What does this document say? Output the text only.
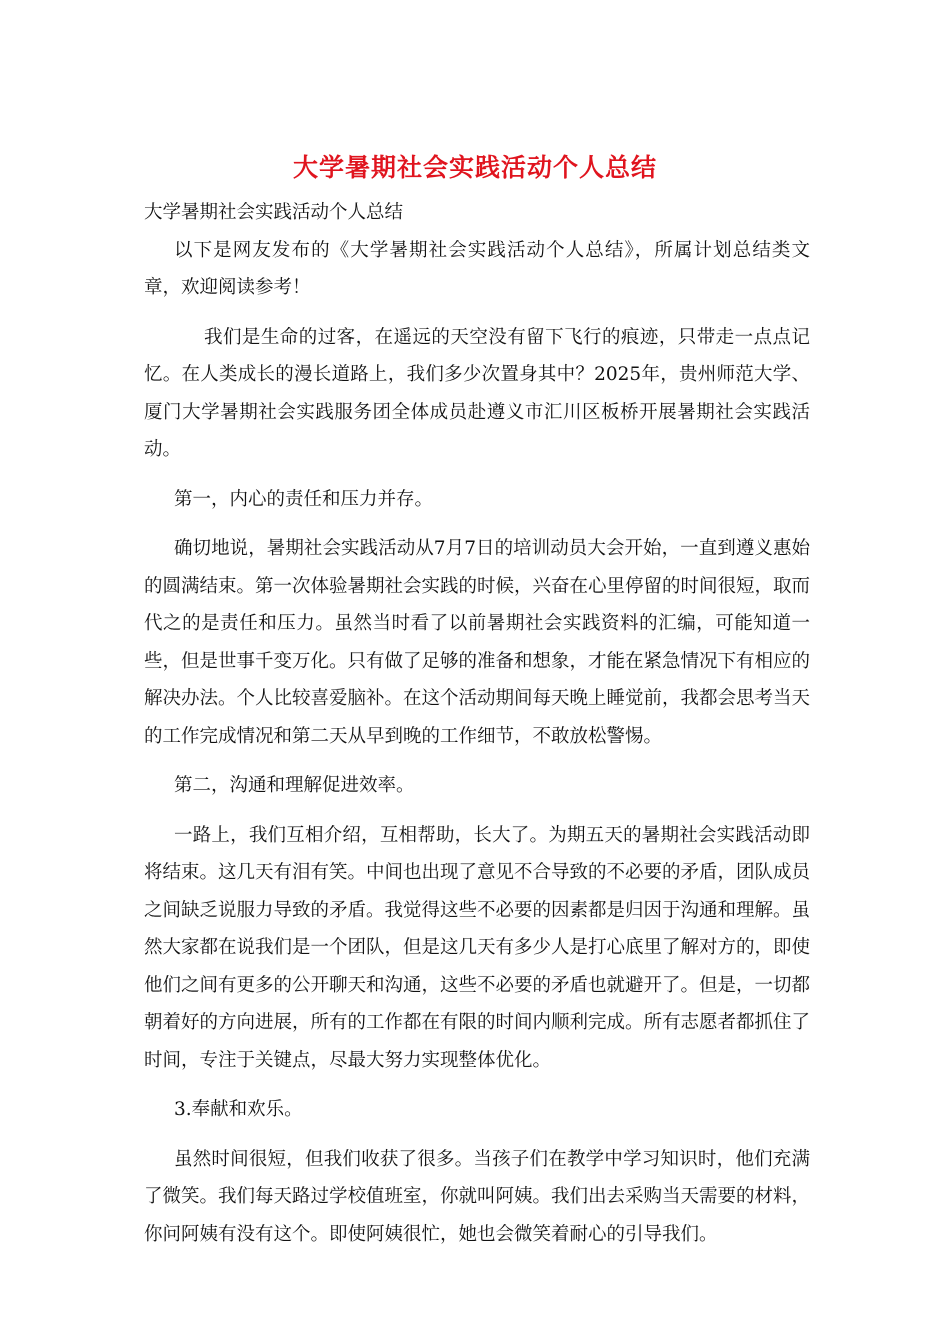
大学暑期社会实践活动个人总结

大学暑期社会实践活动个人总结

以下是网友发布的《大学暑期社会实践活动个人总结》，所属计划总结类文章，欢迎阅读参考！

我们是生命的过客，在遥远的天空没有留下飞行的痕迹，只带走一点点记忆。在人类成长的漫长道路上，我们多少次置身其中？2025年，贵州师范大学、厦门大学暑期社会实践服务团全体成员赴遵义市汇川区板桥开展暑期社会实践活动。

第一，内心的责任和压力并存。

确切地说，暑期社会实践活动从7月7日的培训动员大会开始，一直到遵义惠始的圆满结束。第一次体验暑期社会实践的时候，兴奋在心里停留的时间很短，取而代之的是责任和压力。虽然当时看了以前暑期社会实践资料的汇编，可能知道一些，但是世事千变万化。只有做了足够的准备和想象，才能在紧急情况下有相应的解决办法。个人比较喜爱脑补。在这个活动期间每天晚上睡觉前，我都会思考当天的工作完成情况和第二天从早到晚的工作细节，不敢放松警惕。

第二，沟通和理解促进效率。

一路上，我们互相介绍，互相帮助，长大了。为期五天的暑期社会实践活动即将结束。这几天有泪有笑。中间也出现了意见不合导致的不必要的矛盾，团队成员之间缺乏说服力导致的矛盾。我觉得这些不必要的因素都是归因于沟通和理解。虽然大家都在说我们是一个团队，但是这几天有多少人是打心底里了解对方的，即使他们之间有更多的公开聊天和沟通，这些不必要的矛盾也就避开了。但是，一切都朝着好的方向进展，所有的工作都在有限的时间内顺利完成。所有志愿者都抓住了时间，专注于关键点，尽最大努力实现整体优化。

3.奉献和欢乐。

虽然时间很短，但我们收获了很多。当孩子们在教学中学习知识时，他们充满了微笑。我们每天路过学校值班室，你就叫阿姨。我们出去采购当天需要的材料，你问阿姨有没有这个。即使阿姨很忙，她也会微笑着耐心的引导我们。
